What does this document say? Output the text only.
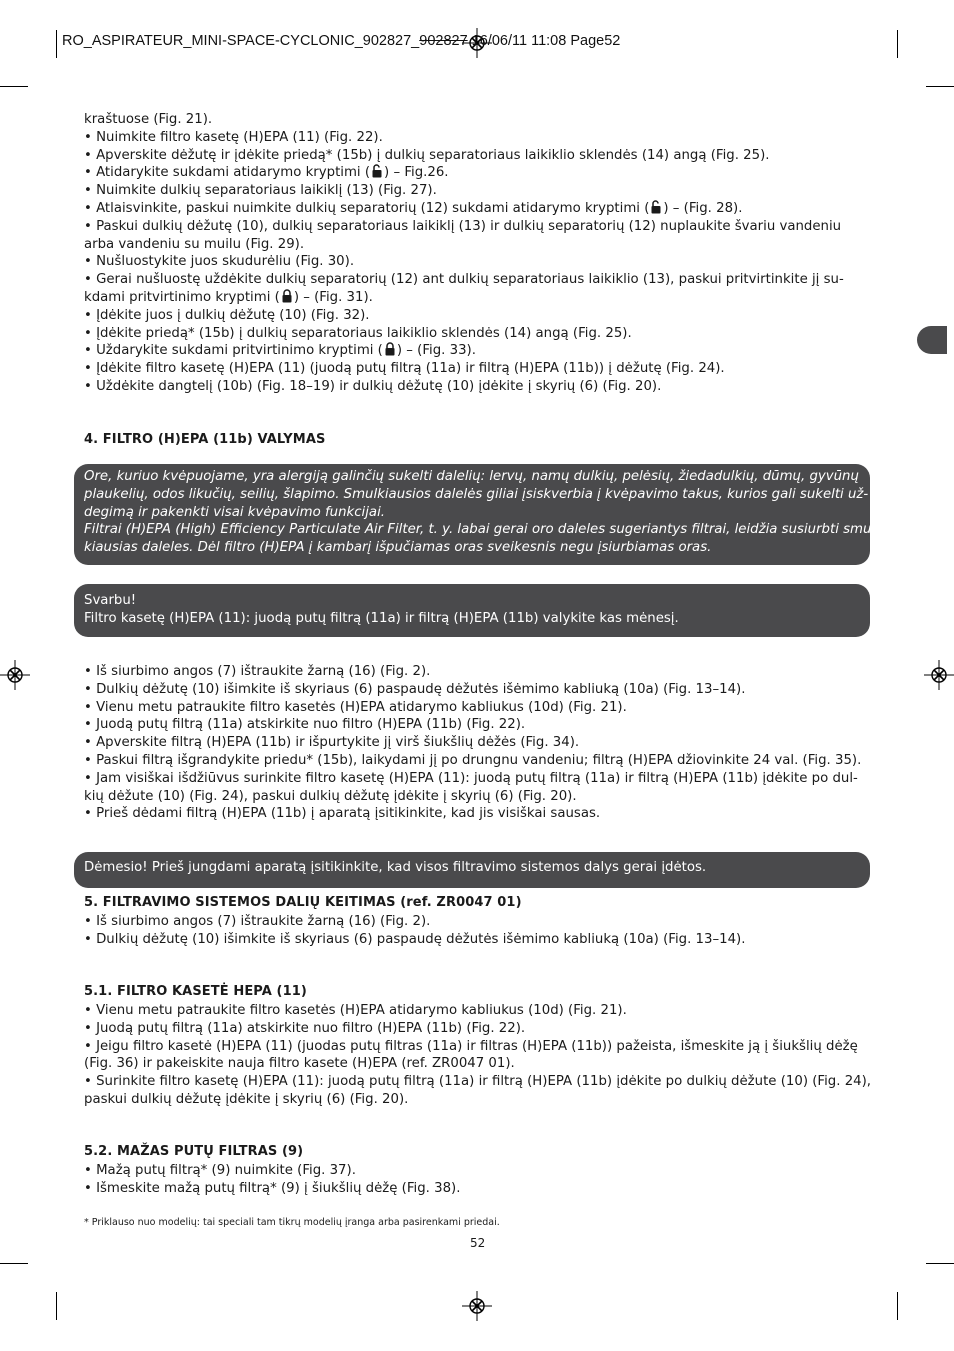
RO_ASPIRATEUR_MINI-SPACE-CYCLONIC_902827_902827 16/06/11 11:08 Page52

kraštuose (Fig. 21).

• Nuimkite filtro kasetę (H)EPA (11) (Fig. 22).

• Apverskite dėžutę ir įdėkite priedą* (15b) į dulkių separatoriaus laikiklio sklendės (14) angą (Fig. 25).

• Atidarykite sukdami atidarymo kryptimi ( ) – Fig.26.

• Nuimkite dulkių separatoriaus laikiklį (13) (Fig. 27).

• Atlaisvinkite, paskui nuimkite dulkių separatorių (12) sukdami atidarymo kryptimi ( ) – (Fig. 28).

• Paskui dulkių dėžutę (10), dulkių separatoriaus laikiklį (13) ir dulkių separatorių (12) nuplaukite švariu vandeniu

arba vandeniu su muilu (Fig. 29).

• Nušluostykite juos skudurėliu (Fig. 30).

• Gerai nušluostę uždėkite dulkių separatorių (12) ant dulkių separatoriaus laikiklio (13), paskui pritvirtinkite jį su-

kdami pritvirtinimo kryptimi ( ) – (Fig. 31).

• Įdėkite juos į dulkių dėžutę (10) (Fig. 32).

• Įdėkite priedą* (15b) į dulkių separatoriaus laikiklio sklendės (14) angą (Fig. 25).

• Uždarykite sukdami pritvirtinimo kryptimi ( ) – (Fig. 33).

• Įdėkite filtro kasetę (H)EPA (11) (juodą putų filtrą (11a) ir filtrą (H)EPA (11b)) į dėžutę (Fig. 24).

• Uždėkite dangtelį (10b) (Fig. 18–19) ir dulkių dėžutę (10) įdėkite į skyrių (6) (Fig. 20).

4. FILTRO (H)EPA (11b) VALYMAS

Ore, kuriuo kvėpuojame, yra alergiją galinčių sukelti dalelių: lervų, namų dulkių, pelėsių, žiedadulkių, dūmų, gyvūnų

plaukelių, odos likučių, seilių, šlapimo. Smulkiausios dalelės giliai įsiskverbia į kvėpavimo takus, kurios gali sukelti už-

degimą ir pakenkti visai kvėpavimo funkcijai.

Filtrai (H)EPA (High) Efficiency Particulate Air Filter, t. y. labai gerai oro daleles sugeriantys filtrai, leidžia susiurbti smul-

kiausias daleles. Dėl filtro (H)EPA į kambarį išpučiamas oras sveikesnis negu įsiurbiamas oras.

Svarbu!

Filtro kasetę (H)EPA (11): juodą putų filtrą (11a) ir filtrą (H)EPA (11b) valykite kas mėnesį.

• Iš siurbimo angos (7) ištraukite žarną (16) (Fig. 2).

• Dulkių dėžutę (10) išimkite iš skyriaus (6) paspaudę dėžutės išėmimo kabliuką (10a) (Fig. 13–14).

• Vienu metu patraukite filtro kasetės (H)EPA atidarymo kabliukus (10d) (Fig. 21).

• Juodą putų filtrą (11a) atskirkite nuo filtro (H)EPA (11b) (Fig. 22).

• Apverskite filtrą (H)EPA (11b) ir išpurtykite jį virš šiukšlių dėžės (Fig. 34).

• Paskui filtrą išgrandykite priedu* (15b), laikydami jį po drungnu vandeniu; filtrą (H)EPA džiovinkite 24 val. (Fig. 35).

• Jam visiškai išdžiūvus surinkite filtro kasetę (H)EPA (11): juodą putų filtrą (11a) ir filtrą (H)EPA (11b) įdėkite po dul-

kių dėžute (10) (Fig. 24), paskui dulkių dėžutę įdėkite į skyrių (6) (Fig. 20).

• Prieš dėdami filtrą (H)EPA (11b) į aparatą įsitikinkite, kad jis visiškai sausas.

Dėmesio! Prieš jungdami aparatą įsitikinkite, kad visos filtravimo sistemos dalys gerai įdėtos.

5. FILTRAVIMO SISTEMOS DALIŲ KEITIMAS (ref. ZR0047 01)

• Iš siurbimo angos (7) ištraukite žarną (16) (Fig. 2).

• Dulkių dėžutę (10) išimkite iš skyriaus (6) paspaudę dėžutės išėmimo kabliuką (10a) (Fig. 13–14).

5.1. FILTRO KASETĖ HEPA (11)

• Vienu metu patraukite filtro kasetės (H)EPA atidarymo kabliukus (10d) (Fig. 21).

• Juodą putų filtrą (11a) atskirkite nuo filtro (H)EPA (11b) (Fig. 22).

• Jeigu filtro kasetė (H)EPA (11) (juodas putų filtras (11a) ir filtras (H)EPA (11b)) pažeista, išmeskite ją į šiukšlių dėžę

(Fig. 36) ir pakeiskite nauja filtro kasete (H)EPA (ref. ZR0047 01).

• Surinkite filtro kasetę (H)EPA (11): juodą putų filtrą (11a) ir filtrą (H)EPA (11b) įdėkite po dulkių dėžute (10) (Fig. 24),

paskui dulkių dėžutę įdėkite į skyrių (6) (Fig. 20).

5.2. MAŽAS PUTŲ FILTRAS (9)

• Mažą putų filtrą* (9) nuimkite (Fig. 37).

• Išmeskite mažą putų filtrą* (9) į šiukšlių dėžę (Fig. 38).

* Priklauso nuo modelių: tai speciali tam tikrų modelių įranga arba pasirenkami priedai.
52
